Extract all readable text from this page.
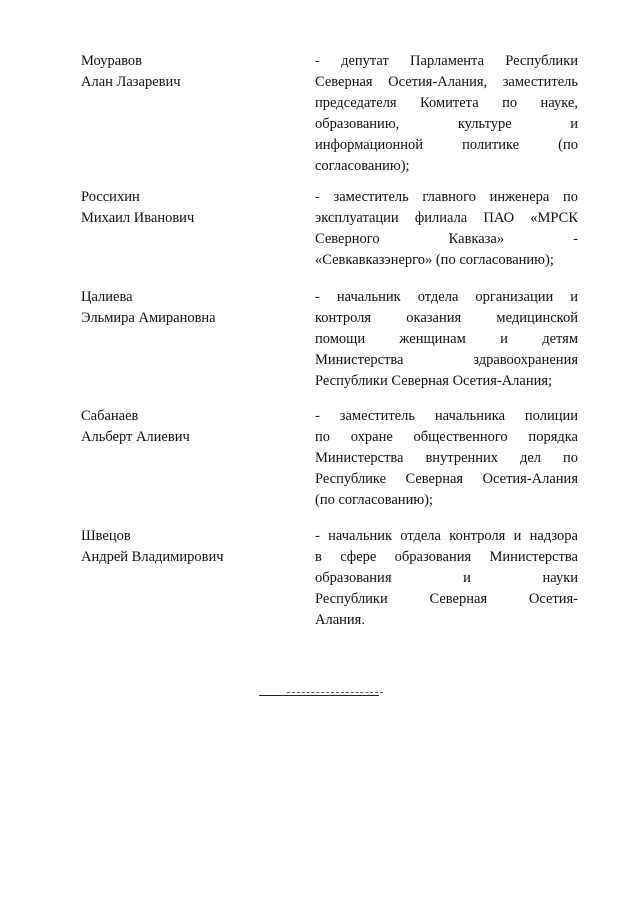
Моуравов
Алан Лазаревич
- депутат Парламента Республики
Северная Осетия-Алания, заместитель
председателя Комитета по науке,
образованию, культуре и
информационной политике (по
согласованию);
Россихин
Михаил Иванович
- заместитель главного инженера по
эксплуатации филиала ПАО «МРСК
Северного Кавказа» -
«Севкавказэнерго» (по согласованию);
Цалиева
Эльмира Амирановна
- начальник отдела организации и
контроля оказания медицинской
помощи женщинам и детям
Министерства здравоохранения
Республики Северная Осетия-Алания;
Сабанаев
Альберт Алиевич
- заместитель начальника полиции
по охране общественного порядка
Министерства внутренних дел по
Республике Северная Осетия-Алания
(по согласованию);
Швецов
Андрей Владимирович
- начальник отдела контроля и надзора
в сфере образования Министерства
образования и науки
Республики Северная Осетия-
Алания.
